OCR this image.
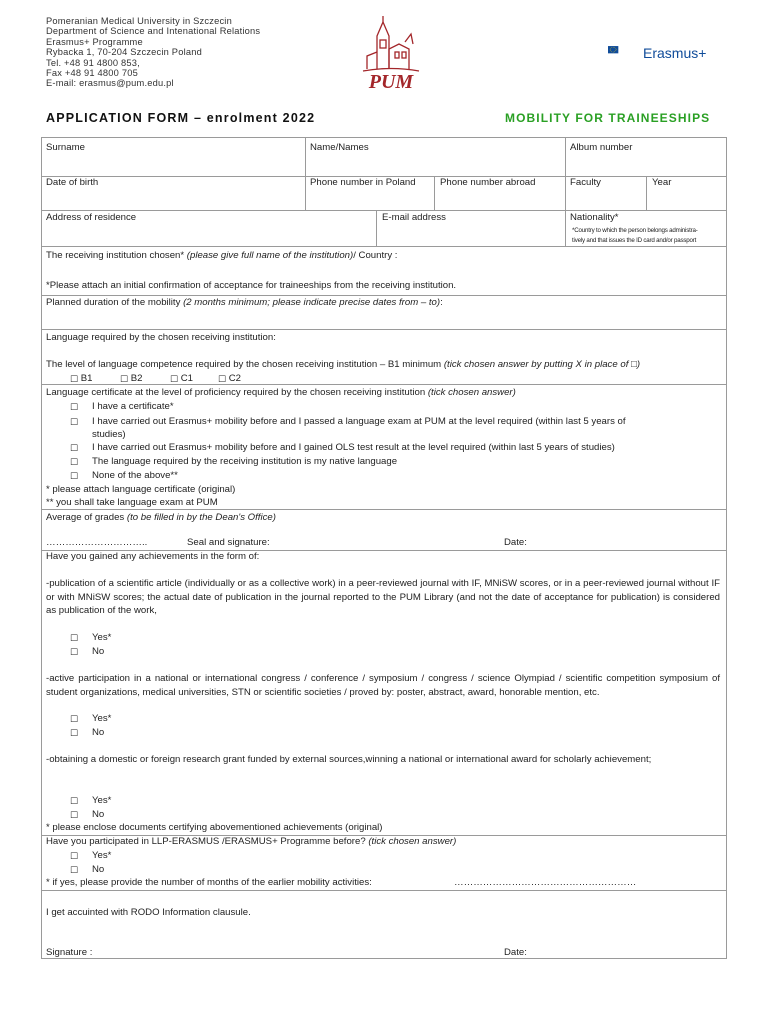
Pomeranian Medical University in Szczecin
Department of Science and Intenational Relations
Erasmus+ Programme
Rybacka 1, 70-204 Szczecin Poland
Tel. +48 91 4800 853,
Fax +48 91 4800 705
E-mail: erasmus@pum.edu.pl	PUM
Erasmus+
APPLICATION FORM – enrolment 2022	MOBILITY FOR TRAINEESHIPS
Surname	Name/Names	Album number
Date of birth	Phone number in Poland	Phone number abroad	Faculty	Year
Address of residence	E-mail address	Nationality*
*Country to which the person belongs administra-
tively and that issues the ID card and/or passport
The receiving institution chosen* (please give full name of the institution)/ Country :
*Please attach an initial confirmation of acceptance for traineeships from the receiving institution.
Planned duration of the mobility (2 months minimum; please indicate precise dates from – to):
Language required by the chosen receiving institution:
The level of language competence required by the chosen receiving institution – B1 minimum (tick chosen answer by putting X in place of □)
□ B1	□ B2	□ C1	□ C2
Language certificate at the level of proficiency required by the chosen receiving institution (tick chosen answer)
□ I have a certificate*
□ I have carried out Erasmus+ mobility before and I passed a language exam at PUM at the level required (within last 5 years of
studies)
□ I have carried out Erasmus+ mobility before and I gained OLS test result at the level required (within last 5 years of studies)
□ The language required by the receiving institution is my native language
□ None of the above**
* please attach language certificate (original)
** you shall take language exam at PUM
Average of grades (to be filled in by the Dean's Office)
…………………………..	Seal and signature:	Date:
Have you gained any achievements in the form of:
-publication of a scientific article (individually or as a collective work) in a peer-reviewed journal with IF, MNiSW scores, or in a peer-reviewed journal without IF or with MNiSW scores; the actual date of publication in the journal reported to the PUM Library (and not the date of acceptance for publication) is considered as publication of the work,
□ Yes*
□ No
-active participation in a national or international congress / conference / symposium / congress / science Olympiad / scientific competition symposium of student organizations, medical universities, STN or scientific societies / proved by: poster, abstract, award, honorable mention, etc.
□ Yes*
□ No
-obtaining a domestic or foreign research grant funded by external sources,winning a national or international award for scholarly achievement;
□ Yes*
□ No
* please enclose documents certifying abovementioned achievements (original)
Have you participated in LLP-ERASMUS /ERASMUS+ Programme before? (tick chosen answer)
□ Yes*
□ No
* if yes, please provide the number of months of the earlier mobility activities:	…………………………………………………
I get accuinted with RODO Information clausule.
Signature :	Date:
